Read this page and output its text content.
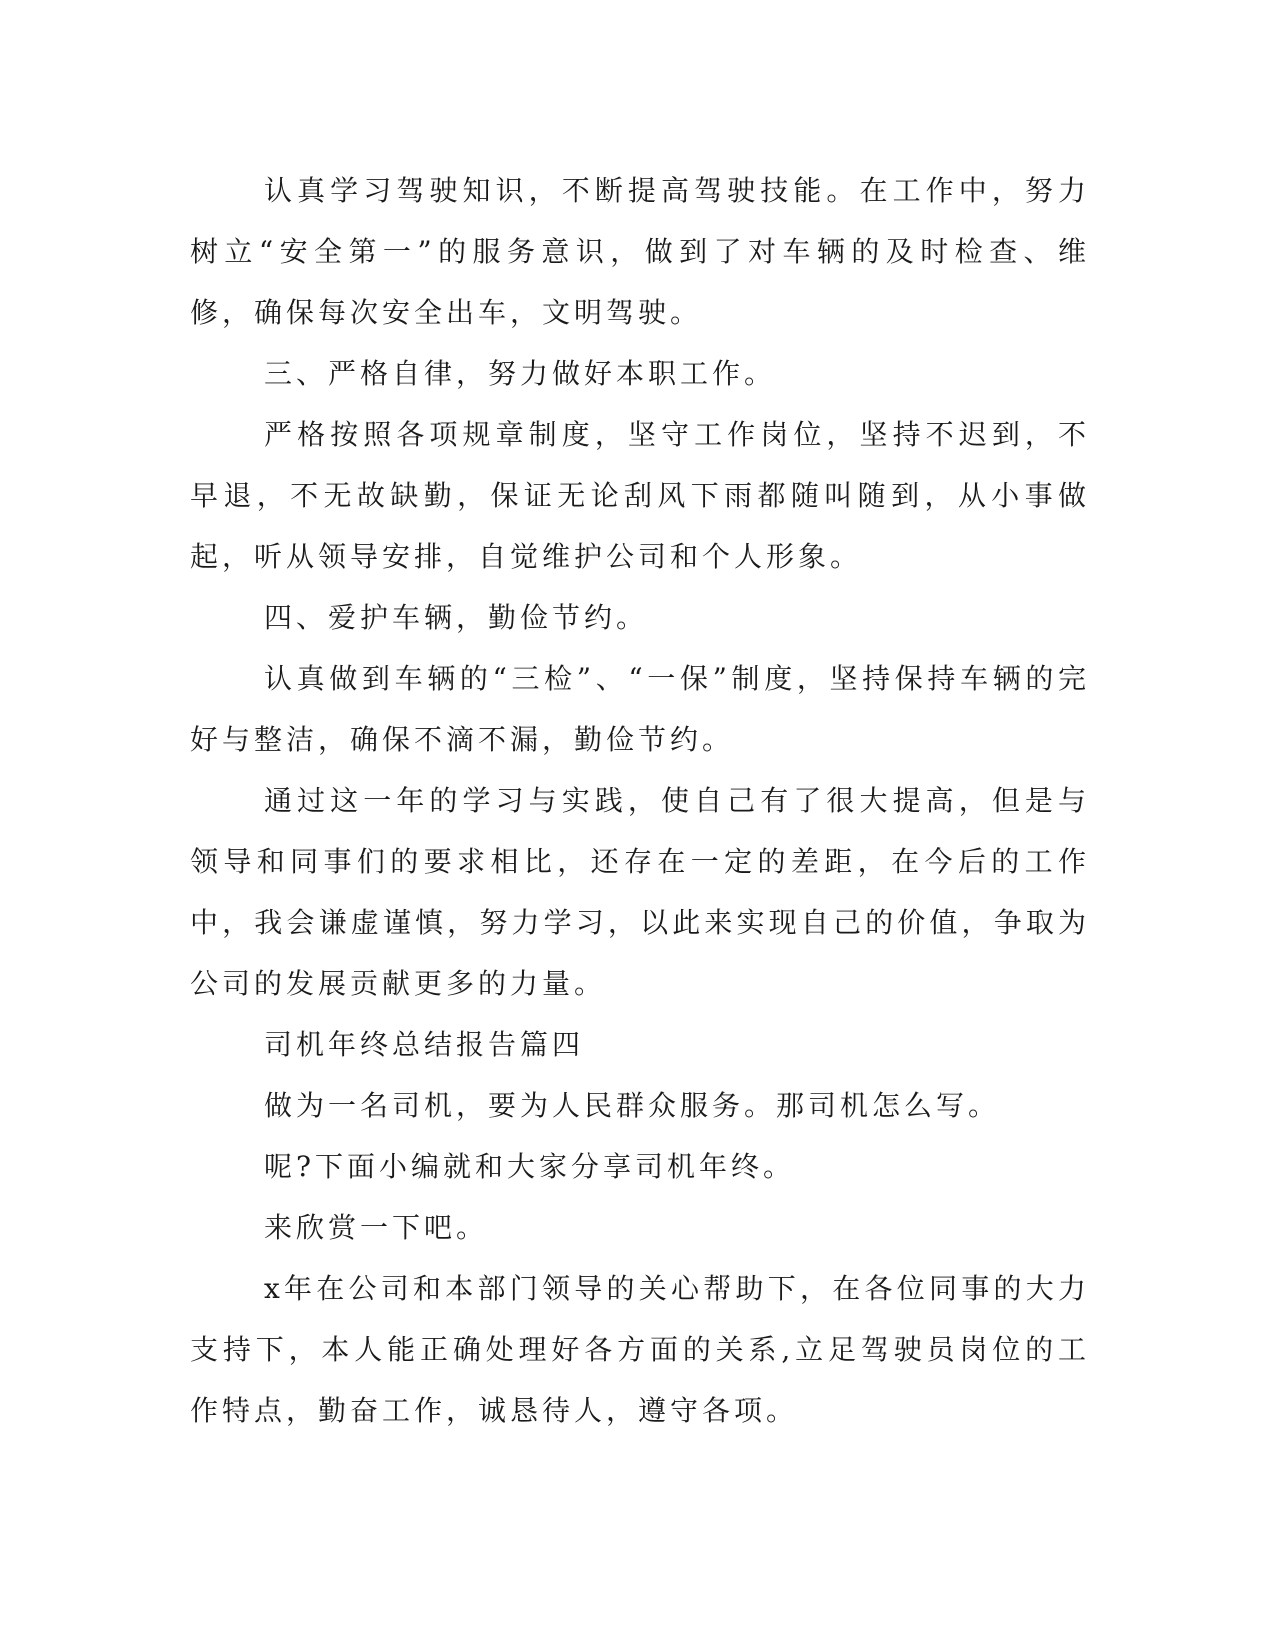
认真学习驾驶知识，不断提高驾驶技能。在工作中，努力树立“安全第一”的服务意识，做到了对车辆的及时检查、维修，确保每次安全出车，文明驾驶。

三、严格自律，努力做好本职工作。

严格按照各项规章制度，坚守工作岗位，坚持不迟到，不早退，不无故缺勤，保证无论刮风下雨都随叫随到，从小事做起，听从领导安排，自觉维护公司和个人形象。

四、爱护车辆，勤俭节约。

认真做到车辆的“三检”、“一保”制度，坚持保持车辆的完好与整洁，确保不滴不漏，勤俭节约。

通过这一年的学习与实践，使自己有了很大提高，但是与领导和同事们的要求相比，还存在一定的差距，在今后的工作中，我会谦虚谨慎，努力学习，以此来实现自己的价值，争取为公司的发展贡献更多的力量。

司机年终总结报告篇四

做为一名司机，要为人民群众服务。那司机怎么写。

呢?下面小编就和大家分享司机年终。

来欣赏一下吧。

x年在公司和本部门领导的关心帮助下，在各位同事的大力支持下，本人能正确处理好各方面的关系,立足驾驶员岗位的工作特点，勤奋工作，诚恳待人，遵守各项。
